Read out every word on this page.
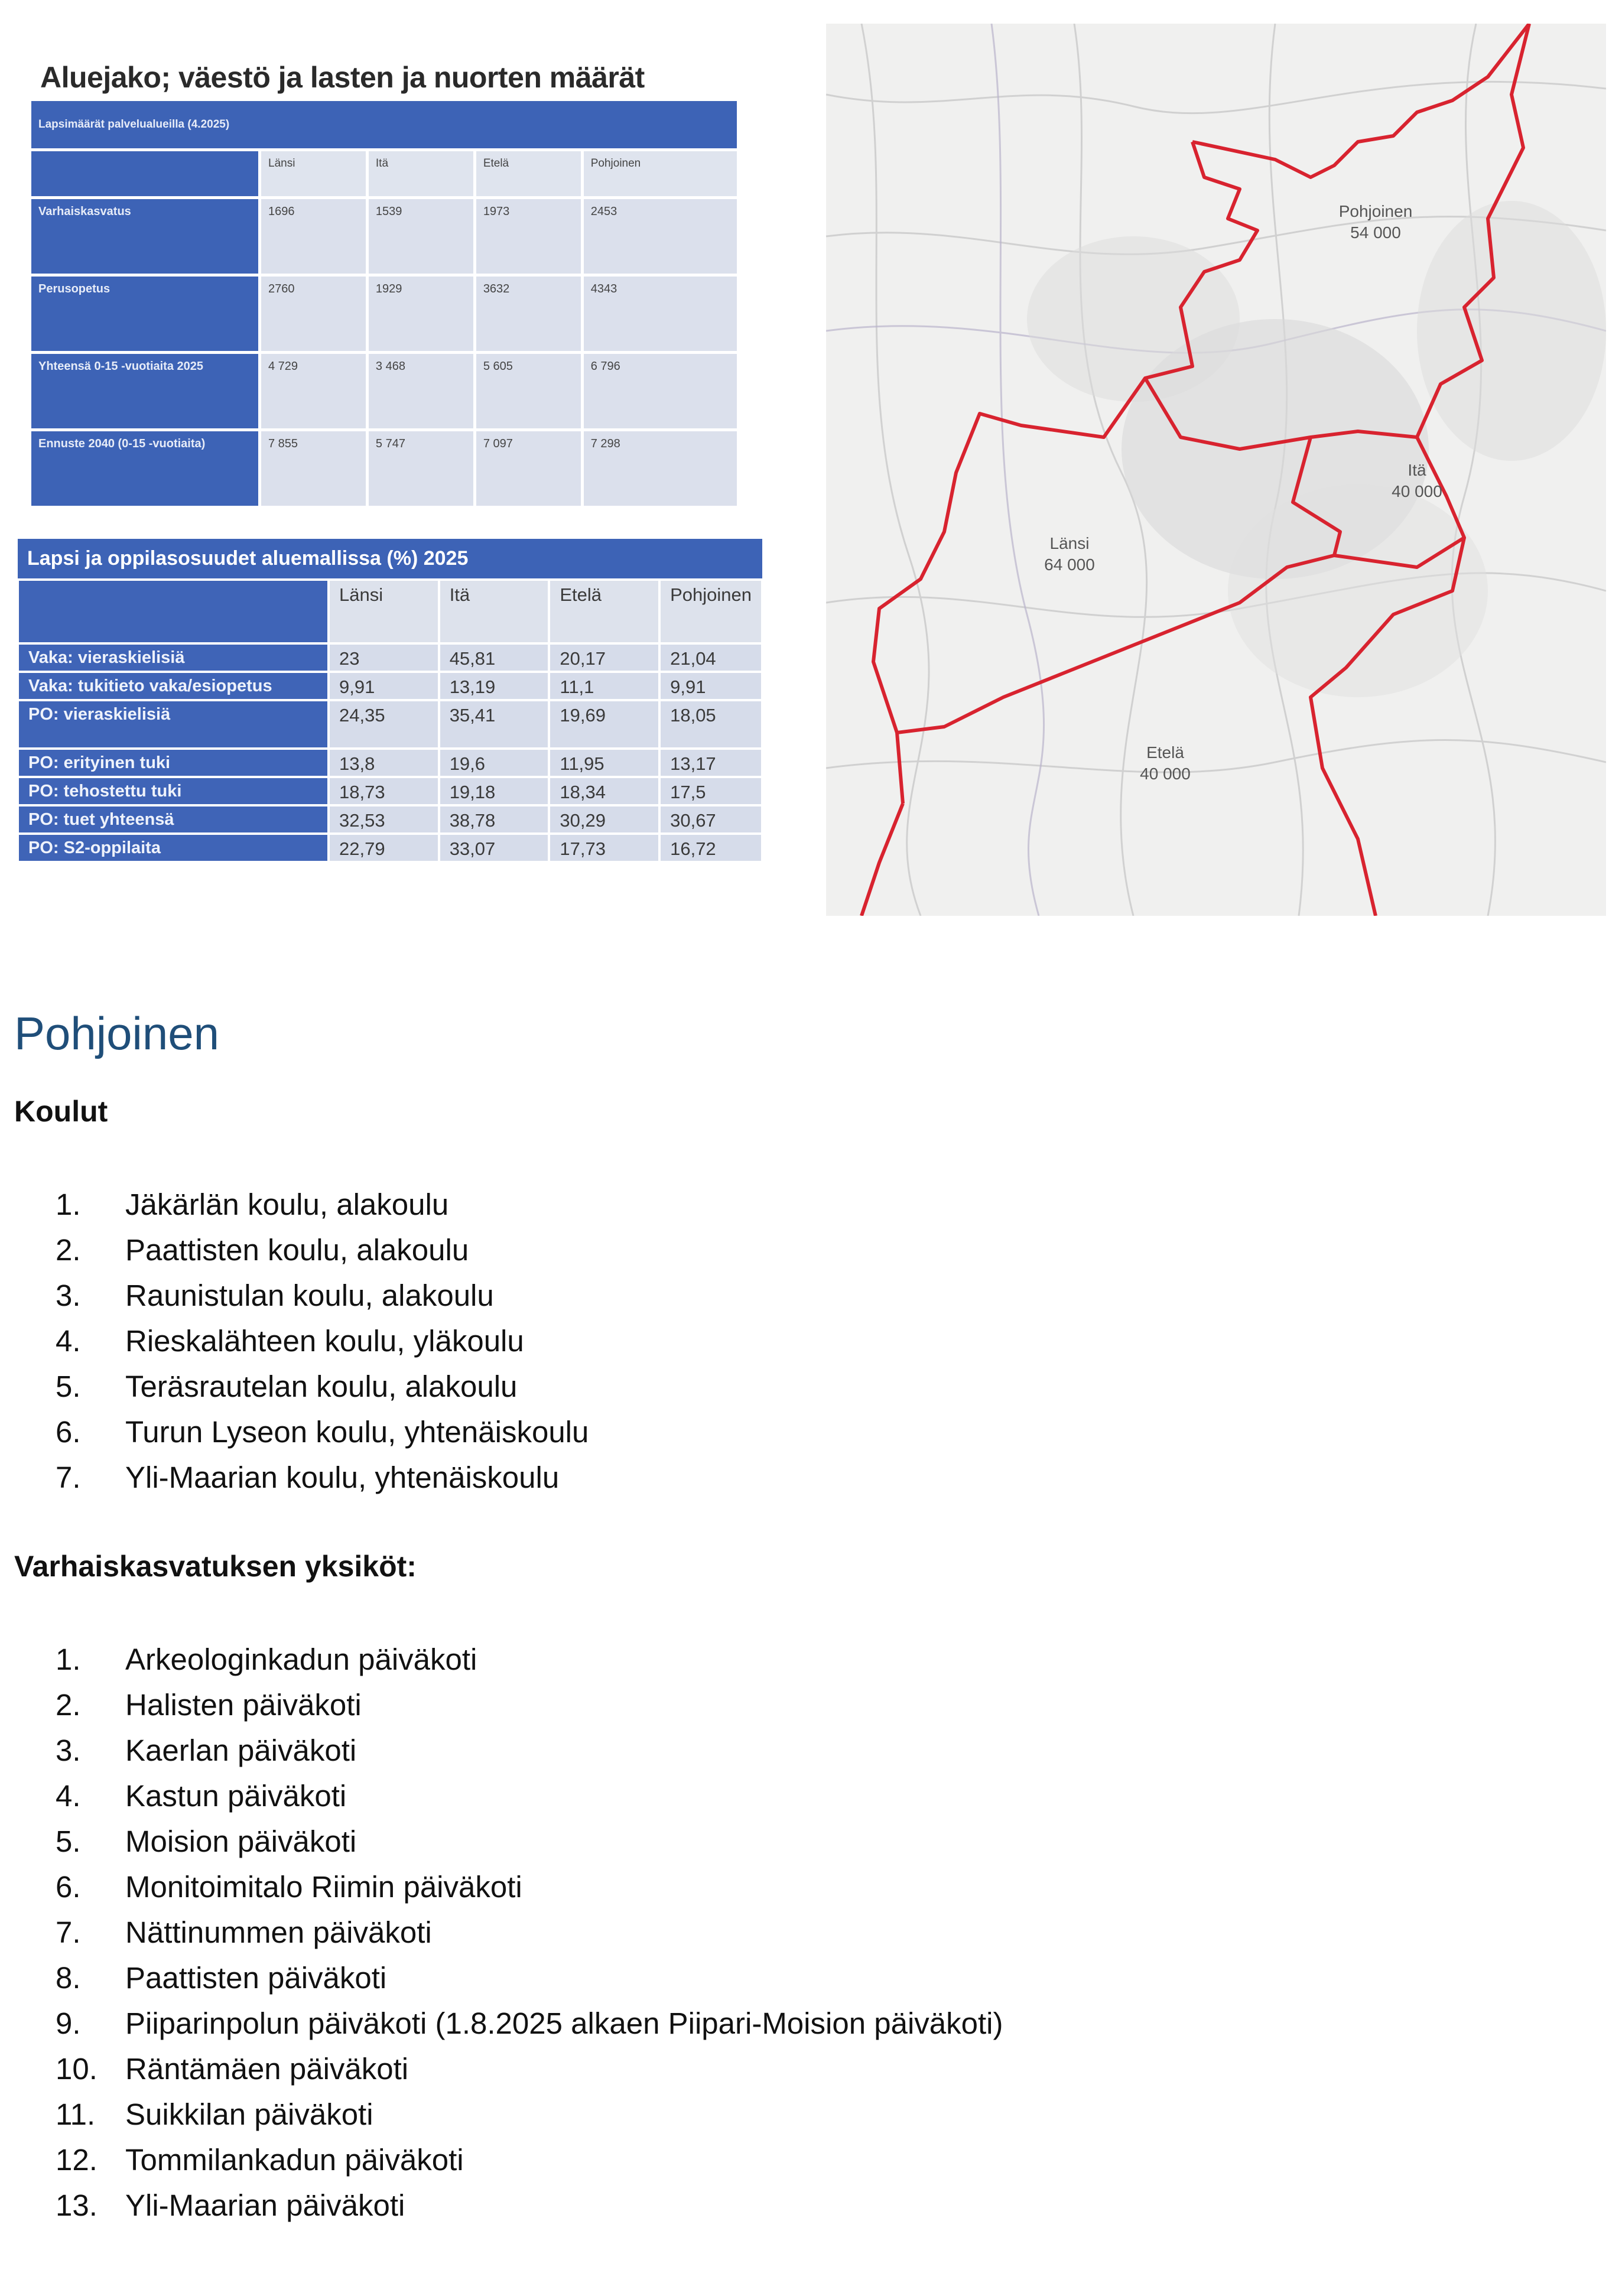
Aluejako; väestö ja lasten ja nuorten määrät
Lapsimäärät palvelualueilla (4.2025)				
	Länsi	Itä	Etelä	Pohjoinen
Varhaiskasvatus	1696	1539	1973	2453
Perusopetus	2760	1929	3632	4343
Yhteensä 0-15 -vuotiaita 2025	4 729	3 468	5 605	6 796
Ennuste 2040 (0-15 -vuotiaita)	7 855	5 747	7 097	7 298
Lapsi ja oppilasosuudet aluemallissa (%) 2025				
	Länsi	Itä	Etelä	Pohjoinen
Vaka: vieraskielisiä	23	45,81	20,17	21,04
Vaka: tukitieto vaka/esiopetus	9,91	13,19	11,1	9,91
PO: vieraskielisiä	24,35	35,41	19,69	18,05
PO: erityinen tuki	13,8	19,6	11,95	13,17
PO: tehostettu tuki	18,73	19,18	18,34	17,5
PO: tuet yhteensä	32,53	38,78	30,29	30,67
PO: S2-oppilaita	22,79	33,07	17,73	16,72
Pohjoinen
54 000
Itä
40 000
Länsi
64 000
Etelä
40 000
Pohjoinen
Koulut
1.	Jäkärlän koulu, alakoulu
2.	Paattisten koulu, alakoulu
3.	Raunistulan koulu, alakoulu
4.	Rieskalähteen koulu, yläkoulu
5.	Teräsrautelan koulu, alakoulu
6.	Turun Lyseon koulu, yhtenäiskoulu
7.	Yli-Maarian koulu, yhtenäiskoulu
Varhaiskasvatuksen yksiköt:
1.	Arkeologinkadun päiväkoti
2.	Halisten päiväkoti
3.	Kaerlan päiväkoti
4.	Kastun päiväkoti
5.	Moision päiväkoti
6.	Monitoimitalo Riimin päiväkoti
7.	Nättinummen päiväkoti
8.	Paattisten päiväkoti
9.	Piiparinpolun päiväkoti (1.8.2025 alkaen Piipari-Moision päiväkoti)
10. Räntämäen päiväkoti
11. Suikkilan päiväkoti
12. Tommilankadun päiväkoti
13. Yli-Maarian päiväkoti
